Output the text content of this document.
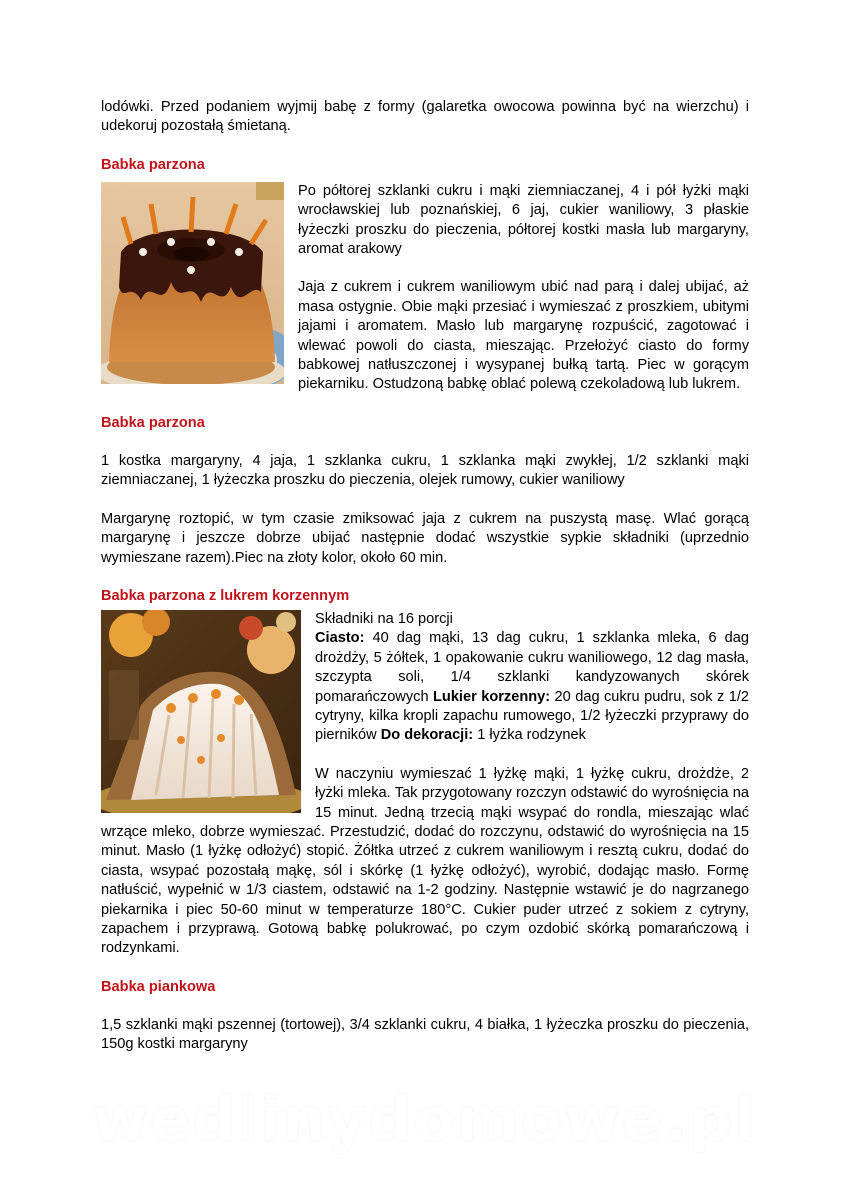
lodówki. Przed podaniem wyjmij babę z formy (galaretka owocowa powinna być na wierzchu) i udekoruj pozostałą śmietaną.

Babka parzona

Po półtorej szklanki cukru i mąki ziemniaczanej, 4 i pół łyżki mąki wrocławskiej lub poznańskiej, 6 jaj, cukier waniliowy, 3 płaskie łyżeczki proszku do pieczenia, półtorej kostki masła lub margaryny, aromat arakowy

Jaja z cukrem i cukrem waniliowym ubić nad parą i dalej ubijać, aż masa ostygnie. Obie mąki przesiać i wymieszać z proszkiem, ubitymi jajami i aromatem. Masło lub margarynę rozpuścić, zagotować i wlewać powoli do ciasta, mieszając. Przełożyć ciasto do formy babkowej natłuszczonej i wysypanej bułką tartą. Piec w gorącym piekarniku. Ostudzoną babkę oblać polewą czekoladową lub lukrem.

Babka parzona

1 kostka margaryny, 4 jaja, 1 szklanka cukru, 1 szklanka mąki zwykłej, 1/2 szklanki mąki ziemniaczanej, 1 łyżeczka proszku do pieczenia, olejek rumowy, cukier waniliowy

Margarynę roztopić, w tym czasie zmiksować jaja z cukrem na puszystą masę. Wlać gorącą margarynę i jeszcze dobrze ubijać następnie dodać wszystkie sypkie składniki (uprzednio wymieszane razem).Piec na złoty kolor, około 60 min.

Babka parzona z lukrem korzennym

Składniki na 16 porcji

Ciasto: 40 dag mąki, 13 dag cukru, 1 szklanka mleka, 6 dag drożdży, 5 żółtek, 1 opakowanie cukru waniliowego, 12 dag masła, szczypta soli, 1/4 szklanki kandyzowanych skórek pomarańczowych Lukier korzenny: 20 dag cukru pudru, sok z 1/2 cytryny, kilka kropli zapachu rumowego, 1/2 łyżeczki przyprawy do pierników Do dekoracji: 1 łyżka rodzynek

W naczyniu wymieszać 1 łyżkę mąki, 1 łyżkę cukru, drożdże, 2 łyżki mleka. Tak przygotowany rozczyn odstawić do wyrośnięcia na 15 minut. Jedną trzecią mąki wsypać do rondla, mieszając wlać wrzące mleko, dobrze wymieszać. Przestudzić, dodać do rozczynu, odstawić do wyrośnięcia na 15 minut. Masło (1 łyżkę odłożyć) stopić. Żółtka utrzeć z cukrem waniliowym i resztą cukru, dodać do ciasta, wsypać pozostałą mąkę, sól i skórkę (1 łyżkę odłożyć), wyrobić, dodając masło. Formę natłuścić, wypełnić w 1/3 ciastem, odstawić na 1-2 godziny. Następnie wstawić je do nagrzanego piekarnika i piec 50-60 minut w temperaturze 180°C. Cukier puder utrzeć z sokiem z cytryny, zapachem i przyprawą. Gotową babkę polukrować, po czym ozdobić skórką pomarańczową i rodzynkami.

Babka piankowa

1,5 szklanki mąki pszennej (tortowej), 3/4 szklanki cukru, 4 białka, 1 łyżeczka proszku do pieczenia, 150g kostki margaryny

wedlinydomowe.pl
